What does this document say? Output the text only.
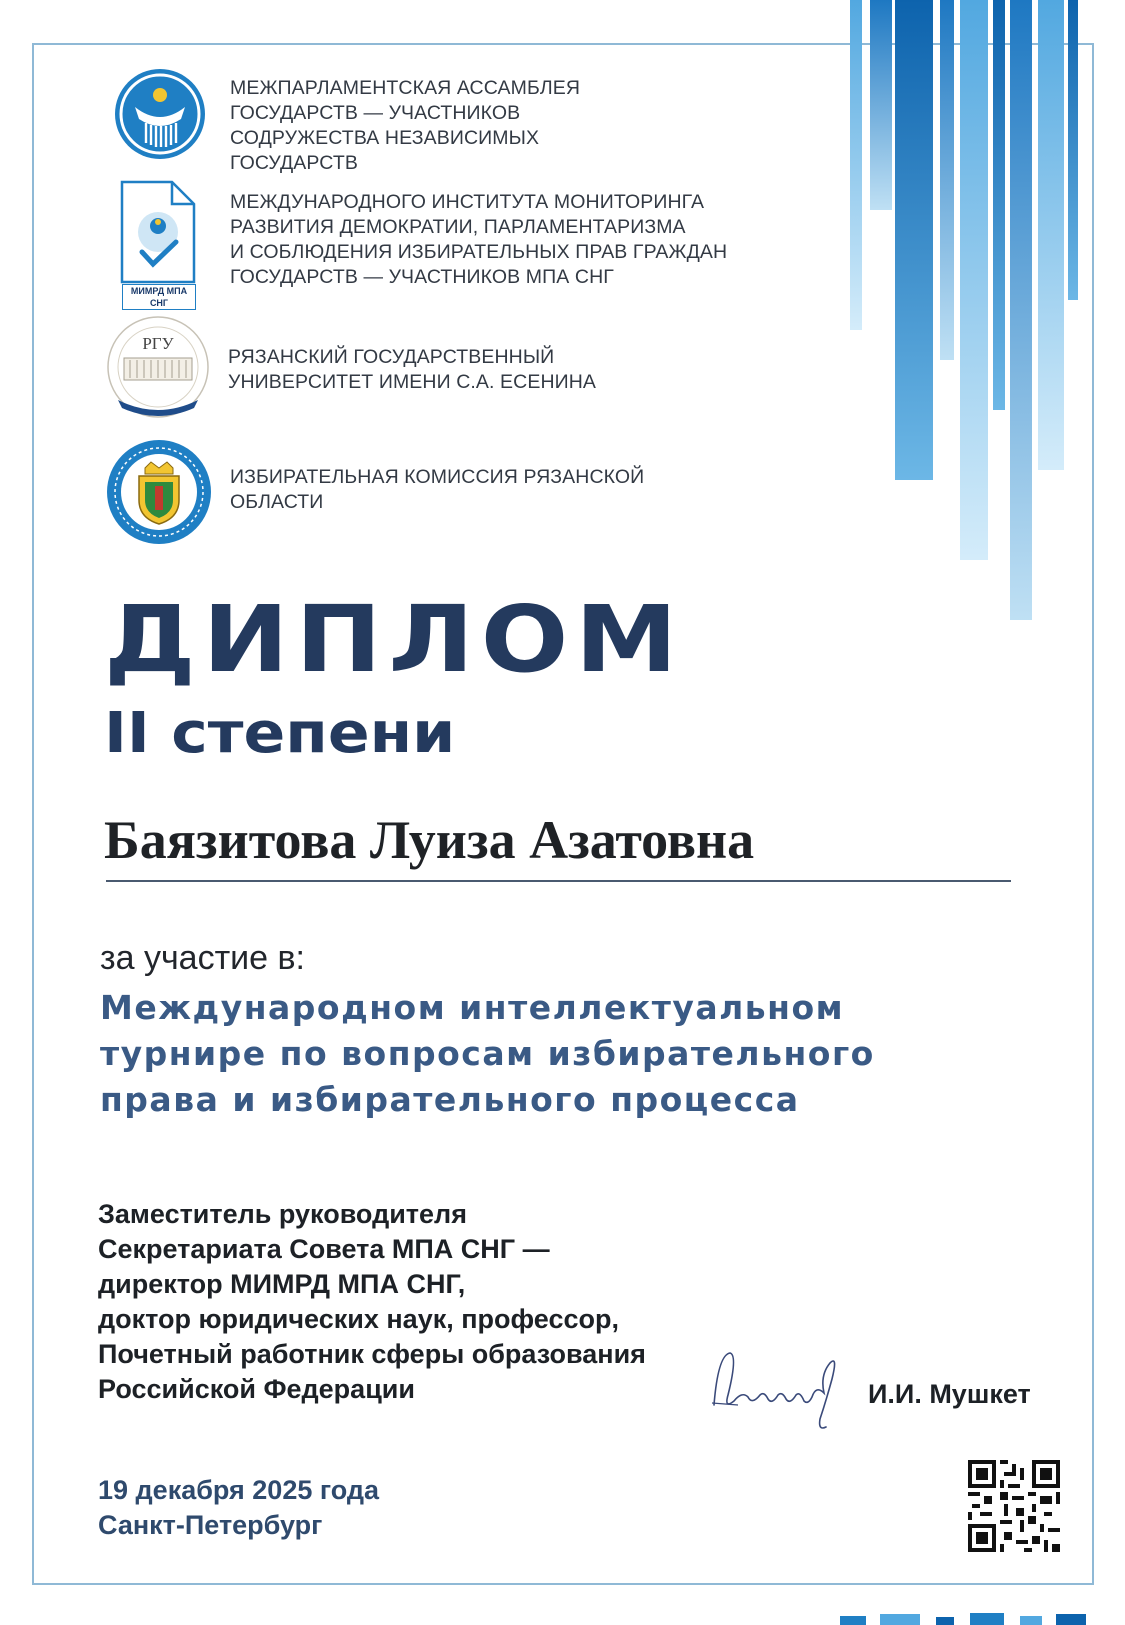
МЕЖПАРЛАМЕНТСКАЯ АССАМБЛЕЯ
ГОСУДАРСТВ — УЧАСТНИКОВ
СОДРУЖЕСТВА НЕЗАВИСИМЫХ
ГОСУДАРСТВ
МИМРД МПА СНГ
МЕЖДУНАРОДНОГО ИНСТИТУТА МОНИТОРИНГА
РАЗВИТИЯ ДЕМОКРАТИИ, ПАРЛАМЕНТАРИЗМА
И СОБЛЮДЕНИЯ ИЗБИРАТЕЛЬНЫХ ПРАВ ГРАЖДАН
ГОСУДАРСТВ — УЧАСТНИКОВ МПА СНГ
РГУ
РЯЗАНСКИЙ ГОСУДАРСТВЕННЫЙ
УНИВЕРСИТЕТ ИМЕНИ С.А. ЕСЕНИНА
ИЗБИРАТЕЛЬНАЯ КОМИССИЯ РЯЗАНСКОЙ
ОБЛАСТИ
ДИПЛОМ
II степени
Баязитова Луиза Азатовна
за участие в:
Международном интеллектуальном
турнире по вопросам избирательного
права и избирательного процесса
Заместитель руководителя
Секретариата Совета МПА СНГ —
директор МИМРД МПА СНГ,
доктор юридических наук, профессор,
Почетный работник сферы образования
Российской Федерации	И.И. Мушкет
19 декабря 2025 года
Санкт-Петербург
